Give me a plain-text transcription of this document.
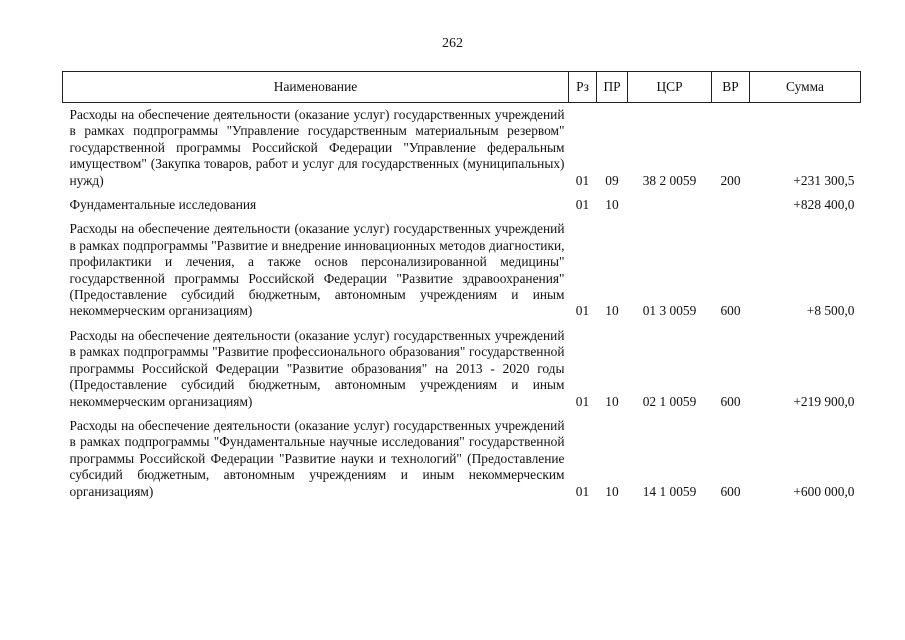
262
Наименование	Рз	ПР	ЦСР	ВР	Сумма
Расходы на обеспечение деятельности (оказание услуг) государственных учреждений в рамках подпрограммы "Управление государственным материальным резервом" государственной программы Российской Федерации "Управление федеральным имуществом" (Закупка товаров, работ и услуг для государственных (муниципальных) нужд)	01	09	38 2 0059	200	+231 300,5
Фундаментальные исследования	01	10			+828 400,0
Расходы на обеспечение деятельности (оказание услуг) государственных учреждений в рамках подпрограммы "Развитие и внедрение инновационных методов диагностики, профилактики и лечения, а также основ персонализированной медицины" государственной программы Российской Федерации "Развитие здравоохранения" (Предоставление субсидий бюджетным, автономным учреждениям и иным некоммерческим организациям)	01	10	01 3 0059	600	+8 500,0
Расходы на обеспечение деятельности (оказание услуг) государственных учреждений в рамках подпрограммы "Развитие профессионального образования" государственной программы Российской Федерации "Развитие образования" на 2013 - 2020 годы (Предоставление субсидий бюджетным, автономным учреждениям и иным некоммерческим организациям)	01	10	02 1 0059	600	+219 900,0
Расходы на обеспечение деятельности (оказание услуг) государственных учреждений в рамках подпрограммы "Фундаментальные научные исследования" государственной программы Российской Федерации "Развитие науки и технологий" (Предоставление субсидий бюджетным, автономным учреждениям и иным некоммерческим организациям)	01	10	14 1 0059	600	+600 000,0
